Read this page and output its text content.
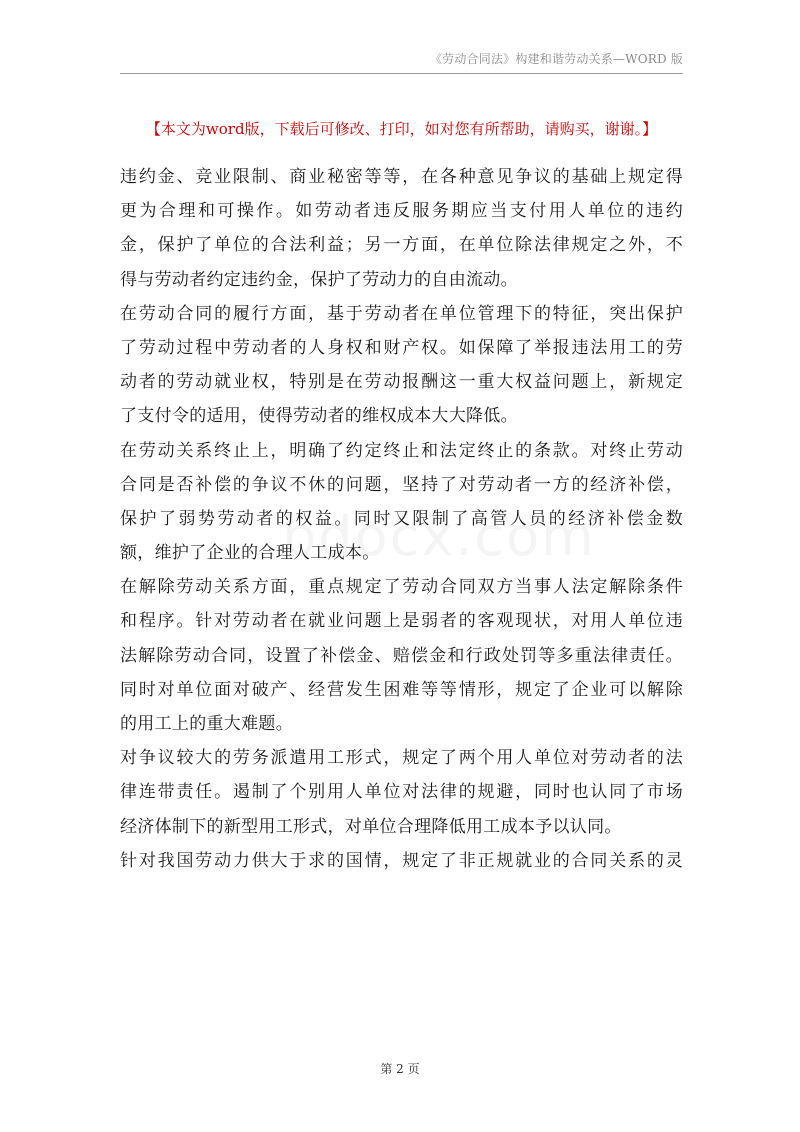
《劳动合同法》构建和谐劳动关系—WORD 版
【本文为word版，下载后可修改、打印，如对您有所帮助，请购买，谢谢。】
违约金、竞业限制、商业秘密等等，在各种意见争议的基础上规定得
更为合理和可操作。如劳动者违反服务期应当支付用人单位的违约
金，保护了单位的合法利益；另一方面，在单位除法律规定之外，不
得与劳动者约定违约金，保护了劳动力的自由流动。
在劳动合同的履行方面，基于劳动者在单位管理下的特征，突出保护
了劳动过程中劳动者的人身权和财产权。如保障了举报违法用工的劳
动者的劳动就业权，特别是在劳动报酬这一重大权益问题上，新规定
了支付令的适用，使得劳动者的维权成本大大降低。
在劳动关系终止上，明确了约定终止和法定终止的条款。对终止劳动
合同是否补偿的争议不休的问题，坚持了对劳动者一方的经济补偿，
保护了弱势劳动者的权益。同时又限制了高管人员的经济补偿金数
额，维护了企业的合理人工成本。
在解除劳动关系方面，重点规定了劳动合同双方当事人法定解除条件
和程序。针对劳动者在就业问题上是弱者的客观现状，对用人单位违
法解除劳动合同，设置了补偿金、赔偿金和行政处罚等多重法律责任。
同时对单位面对破产、经营发生困难等等情形，规定了企业可以解除
的用工上的重大难题。
对争议较大的劳务派遣用工形式，规定了两个用人单位对劳动者的法
律连带责任。遏制了个别用人单位对法律的规避，同时也认同了市场
经济体制下的新型用工形式，对单位合理降低用工成本予以认同。
针对我国劳动力供大于求的国情，规定了非正规就业的合同关系的灵
第 2 页
